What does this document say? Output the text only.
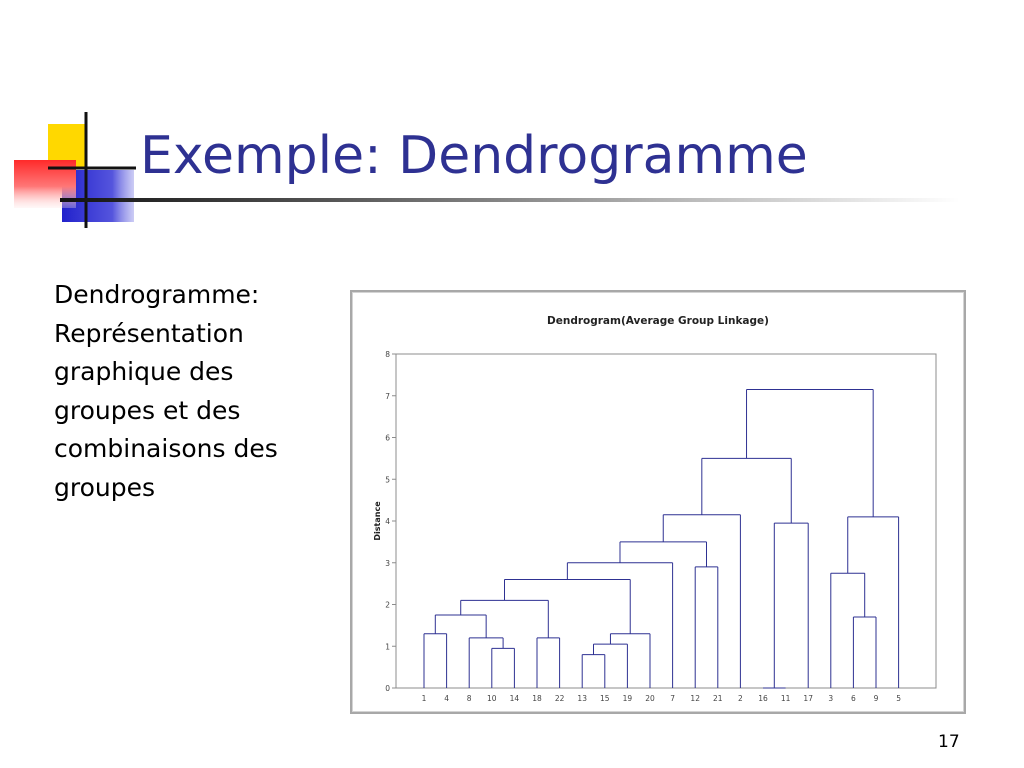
Exemple: Dendrogramme
Dendrogramme:
Représentation
graphique des
groupes et des
combinaisons des
groupes
Dendrogram(Average Group Linkage)
Distance
0
1
2
3
4
5
6
7
8
1 4 8 10 14 18 22 13 15 19 20 7 12 21 2 16 11 17 3 6 9 5
17
